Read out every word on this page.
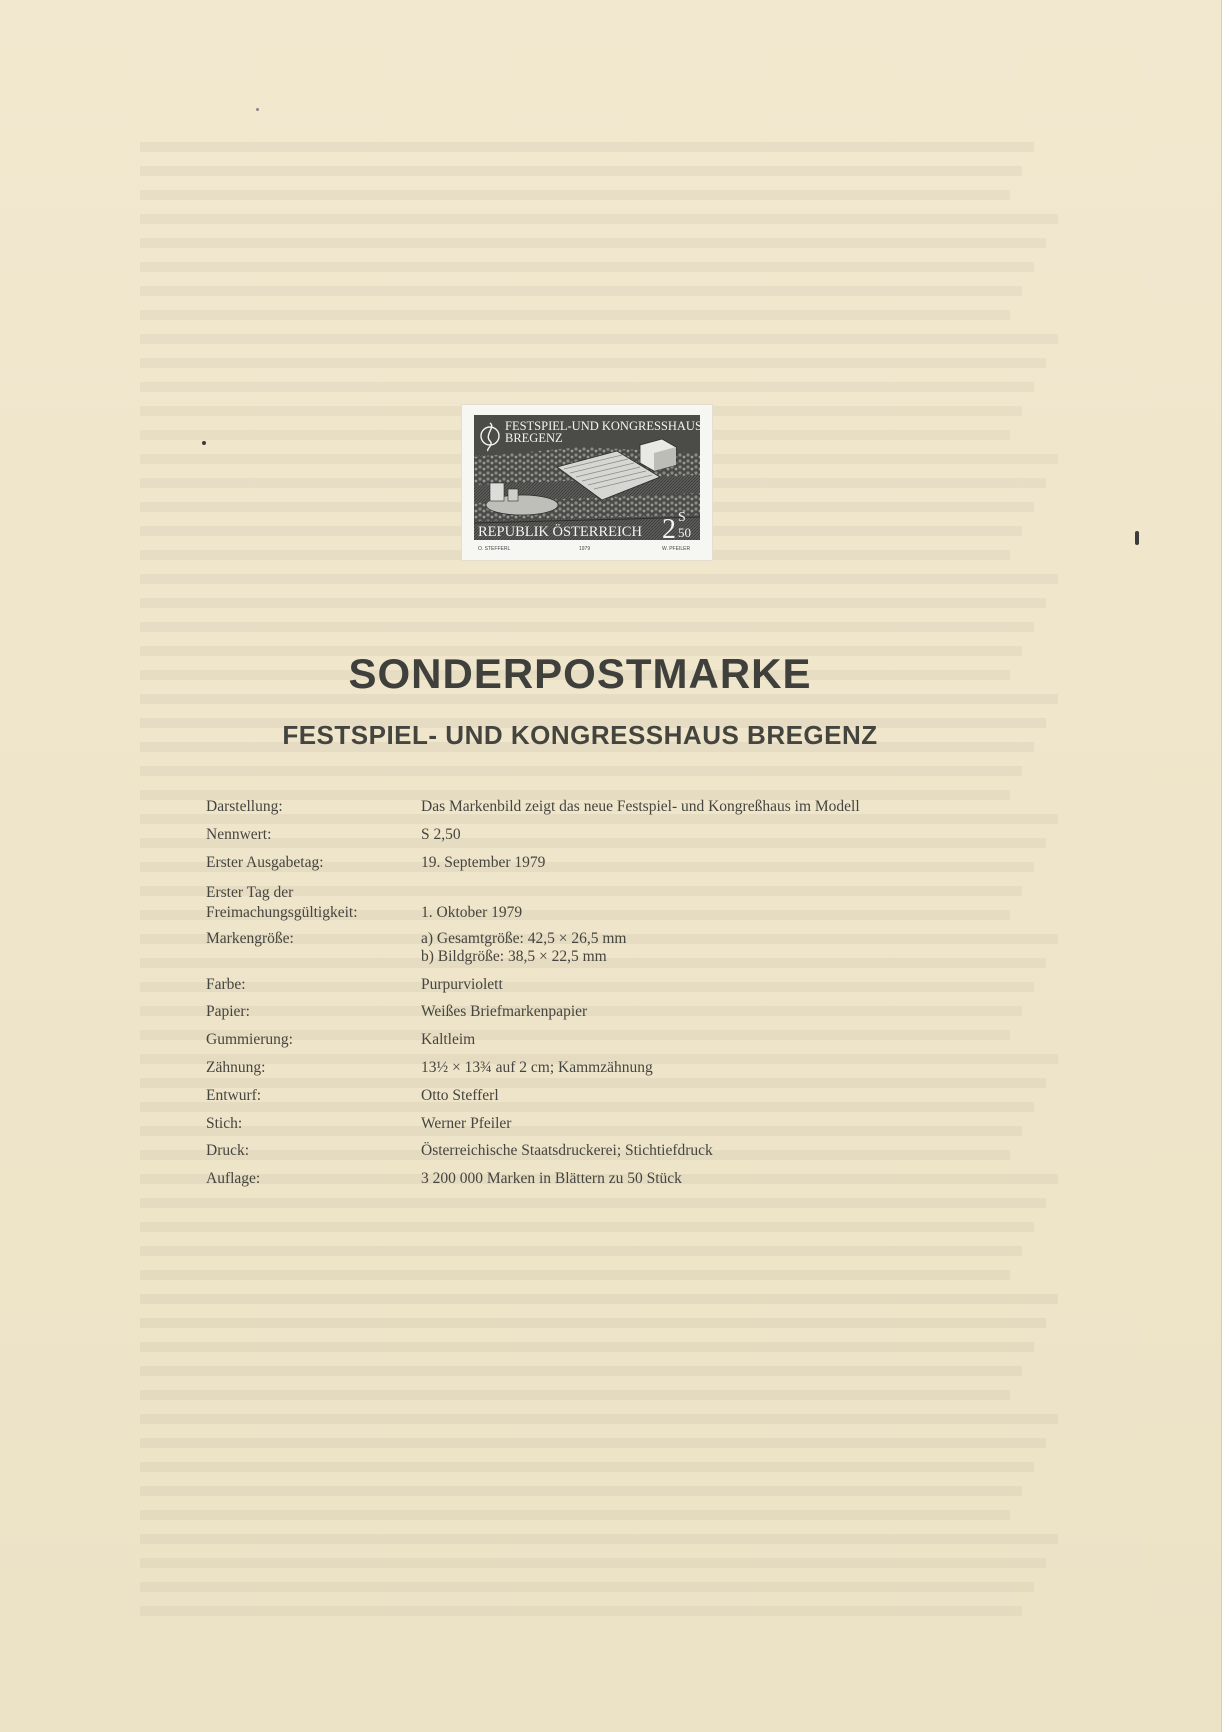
FESTSPIEL-UND KONGRESSHAUS
BREGENZ
REPUBLIK ÖSTERREICH 2 S
50
O. STEFFERL	1979	W. PFEILER
SONDERPOSTMARKE
FESTSPIEL- UND KONGRESSHAUS BREGENZ
Darstellung:	Das Markenbild zeigt das neue Festspiel- und Kongreßhaus im Modell
Nennwert:	S 2,50
Erster Ausgabetag:	19. September 1979
Erster Tag der
Freimachungsgültigkeit:	1. Oktober 1979
Markengröße:	a) Gesamtgröße: 42,5 × 26,5 mm
b) Bildgröße: 38,5 × 22,5 mm
Farbe:	Purpurviolett
Papier:	Weißes Briefmarkenpapier
Gummierung:	Kaltleim
Zähnung:	13½ × 13¾ auf 2 cm; Kammzähnung
Entwurf:	Otto Stefferl
Stich:	Werner Pfeiler
Druck:	Österreichische Staatsdruckerei; Stichtiefdruck
Auflage:	3 200 000 Marken in Blättern zu 50 Stück
